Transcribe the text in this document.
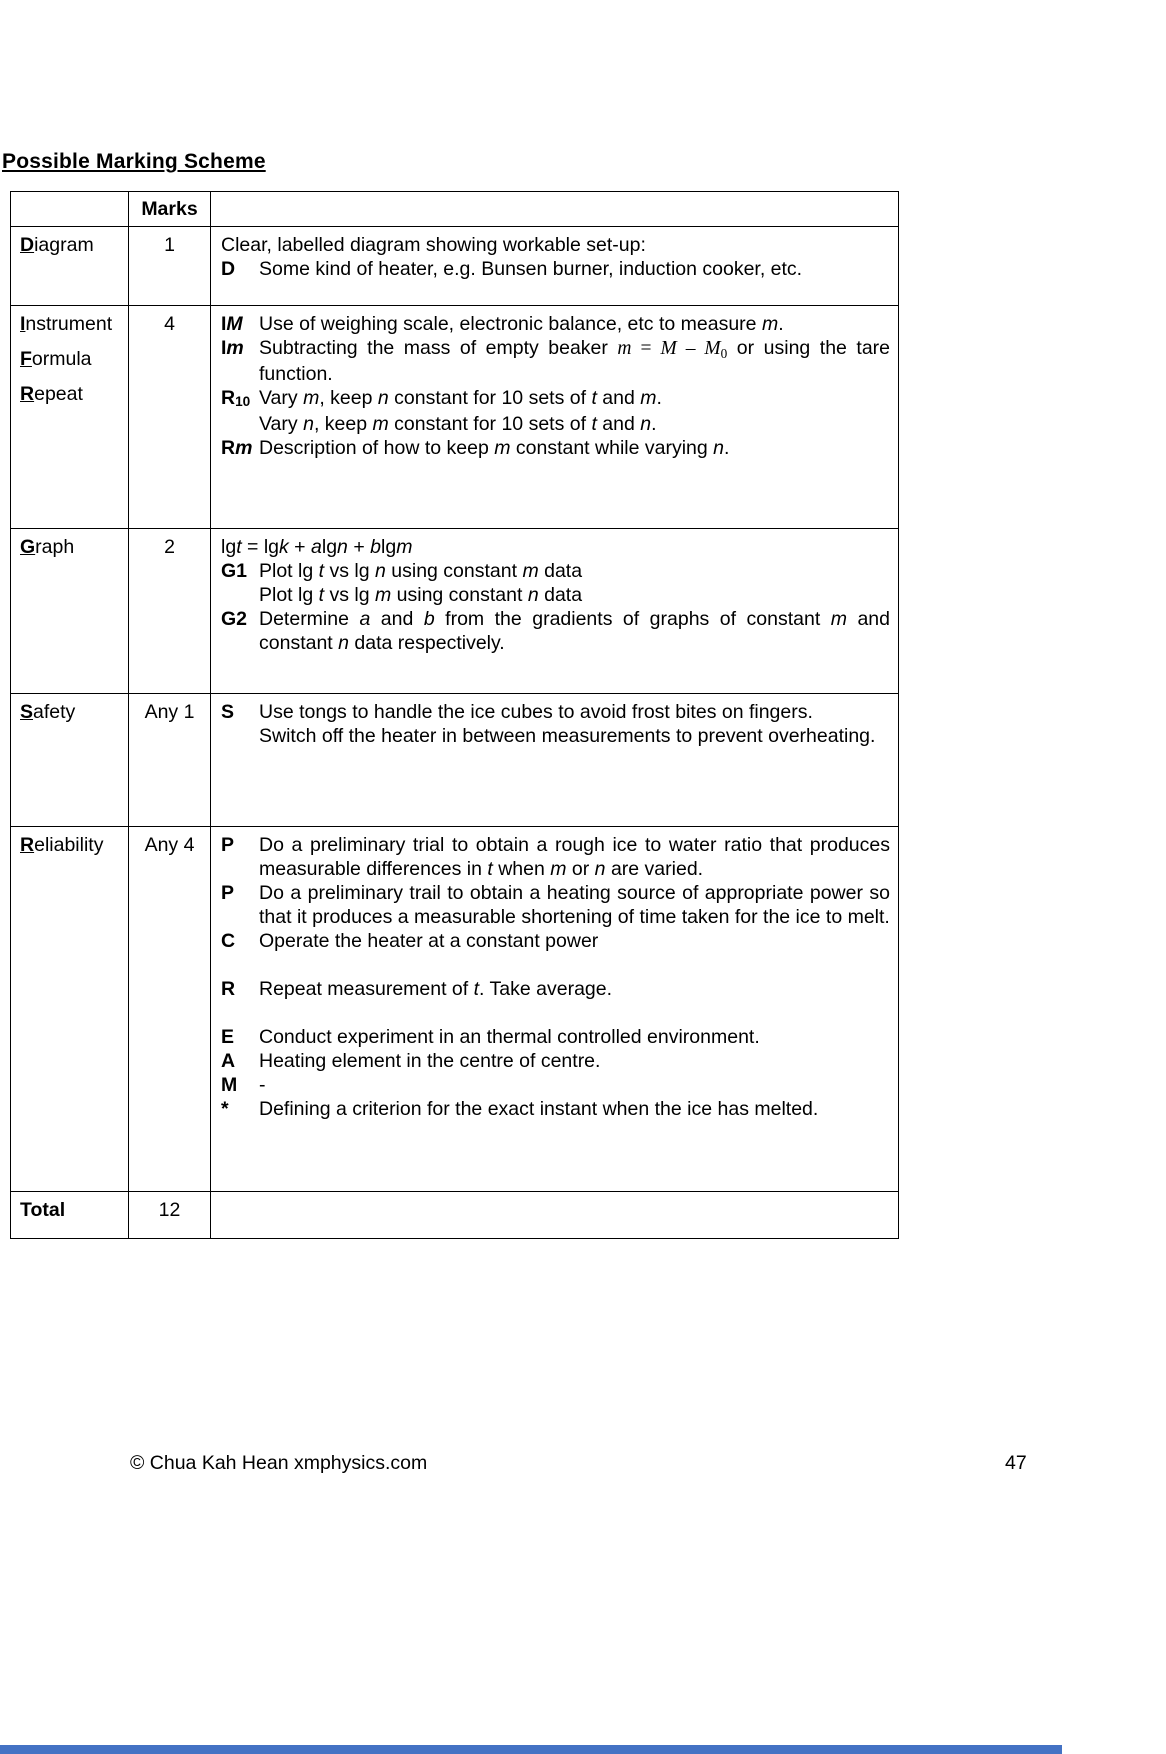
Possible Marking Scheme
	Marks	

Diagram	1	Clear, labelled diagram showing workable set-up:
D Some kind of heater, e.g. Bunsen burner, induction cooker, etc.

Instrument
Formula
Repeat
	4	IM Use of weighing scale, electronic balance, etc to measure m.
Im Subtracting the mass of empty beaker $m = M - M_0$ or using the tare function.
R10 Vary m, keep n constant for 10 sets of t and m.
Vary n, keep m constant for 10 sets of t and n.
Rm Description of how to keep m constant while varying n.

Graph	2	lgt = lgk + algn + blgm
G1 Plot lg t vs lg n using constant m data
Plot lg t vs lg m using constant n data
G2 Determine a and b from the gradients of graphs of constant m and constant n data respectively.

Safety	Any 1	S Use tongs to handle the ice cubes to avoid frost bites on fingers.
Switch off the heater in between measurements to prevent overheating.

Reliability	Any 4	P	Do a preliminary trial to obtain a rough ice to water ratio that produces measurable differences in t when m or n are varied.
P	Do a preliminary trail to obtain a heating source of appropriate power so that it produces a measurable shortening of time taken for the ice to melt.
C	Operate the heater at a constant power
R	Repeat measurement of t. Take average.
E	Conduct experiment in an thermal controlled environment.
A	Heating element in the centre of centre.
M	-
*	Defining a criterion for the exact instant when the ice has melted.

Total	12	
© Chua Kah Hean xmphysics.com	47
